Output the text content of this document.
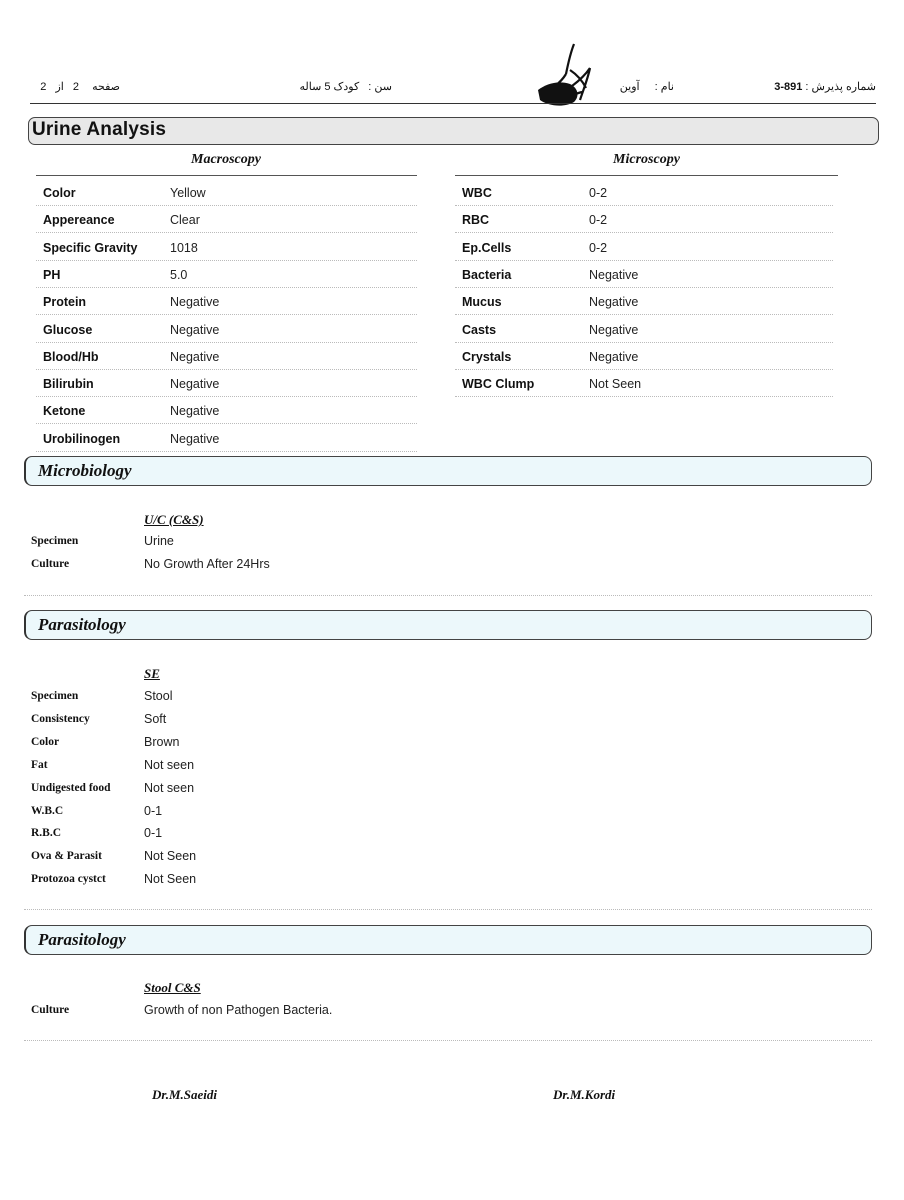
شماره پذیرش : 3-891
نام : آوین
سن : کودک 5 ساله
صفحه 2 از 2
Urine Analysis
Macroscopy	Microscopy
Color	Yellow
Appereance	Clear
Specific Gravity	1018
PH	5.0
Protein	Negative
Glucose	Negative
Blood/Hb	Negative
Bilirubin	Negative
Ketone	Negative
Urobilinogen	Negative
WBC	0-2
RBC	0-2
Ep.Cells	0-2
Bacteria	Negative
Mucus	Negative
Casts	Negative
Crystals	Negative
WBC Clump	Not Seen
Microbiology
U/C (C&S)
Specimen	Urine
Culture	No Growth After 24Hrs
Parasitology
SE
Specimen	Stool
Consistency	Soft
Color	Brown
Fat	Not seen
Undigested food	Not seen
W.B.C	0-1
R.B.C	0-1
Ova & Parasit	Not Seen
Protozoa cystct	Not Seen
Parasitology
Stool C&S
Culture	Growth of non Pathogen Bacteria.
Dr.M.Saeidi	Dr.M.Kordi
